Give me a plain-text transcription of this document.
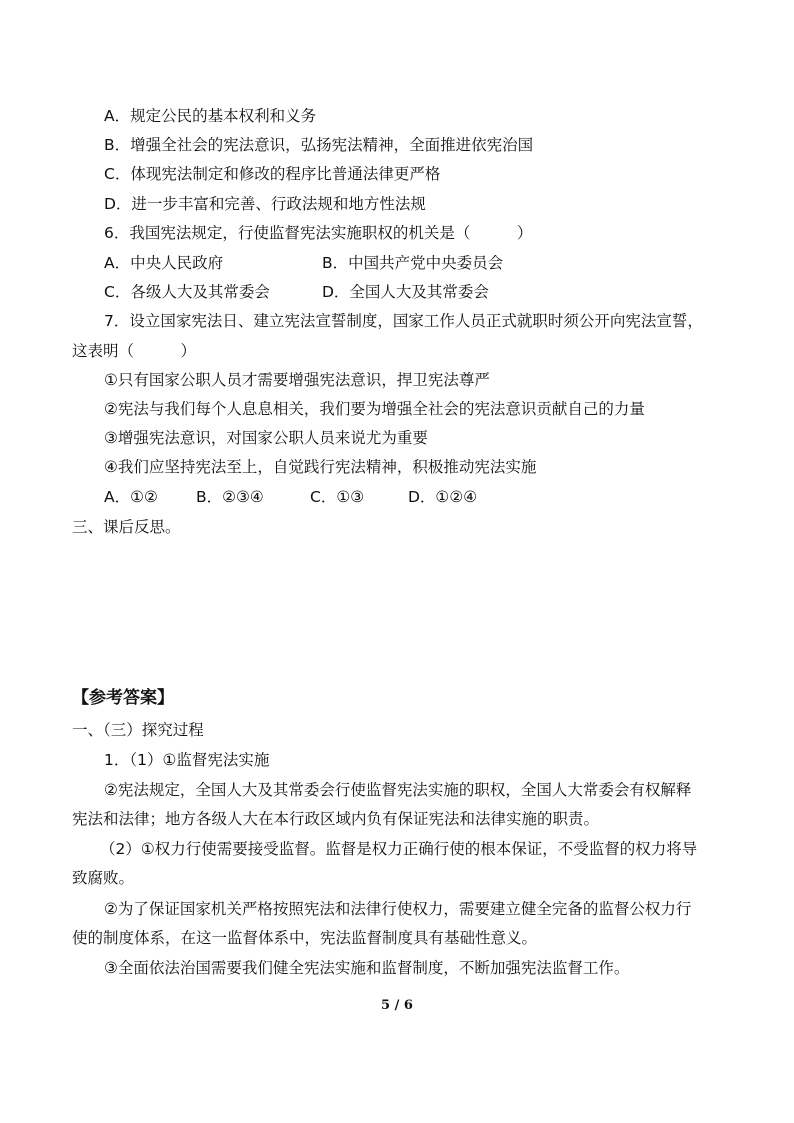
A．规定公民的基本权利和义务
B．增强全社会的宪法意识，弘扬宪法精神，全面推进依宪治国
C．体现宪法制定和修改的程序比普通法律更严格
D．进一步丰富和完善、行政法规和地方性法规
6．我国宪法规定，行使监督宪法实施职权的机关是（　　　）
A．中央人民政府	B．中国共产党中央委员会
C．各级人大及其常委会	D．全国人大及其常委会
7．设立国家宪法日、建立宪法宣誓制度，国家工作人员正式就职时须公开向宪法宣誓，
这表明（　　　）
①只有国家公职人员才需要增强宪法意识，捍卫宪法尊严
②宪法与我们每个人息息相关，我们要为增强全社会的宪法意识贡献自己的力量
③增强宪法意识，对国家公职人员来说尤为重要
④我们应坚持宪法至上，自觉践行宪法精神，积极推动宪法实施
A．①② B．②③④	C．①③	D．①②④
三、课后反思。
【参考答案】
一、（三）探究过程
1．（1）①监督宪法实施
②宪法规定，全国人大及其常委会行使监督宪法实施的职权，全国人大常委会有权解释
宪法和法律；地方各级人大在本行政区域内负有保证宪法和法律实施的职责。
（2）①权力行使需要接受监督。监督是权力正确行使的根本保证，不受监督的权力将导
致腐败。
②为了保证国家机关严格按照宪法和法律行使权力，需要建立健全完备的监督公权力行
使的制度体系，在这一监督体系中，宪法监督制度具有基础性意义。
③全面依法治国需要我们健全宪法实施和监督制度，不断加强宪法监督工作。
5 / 6
